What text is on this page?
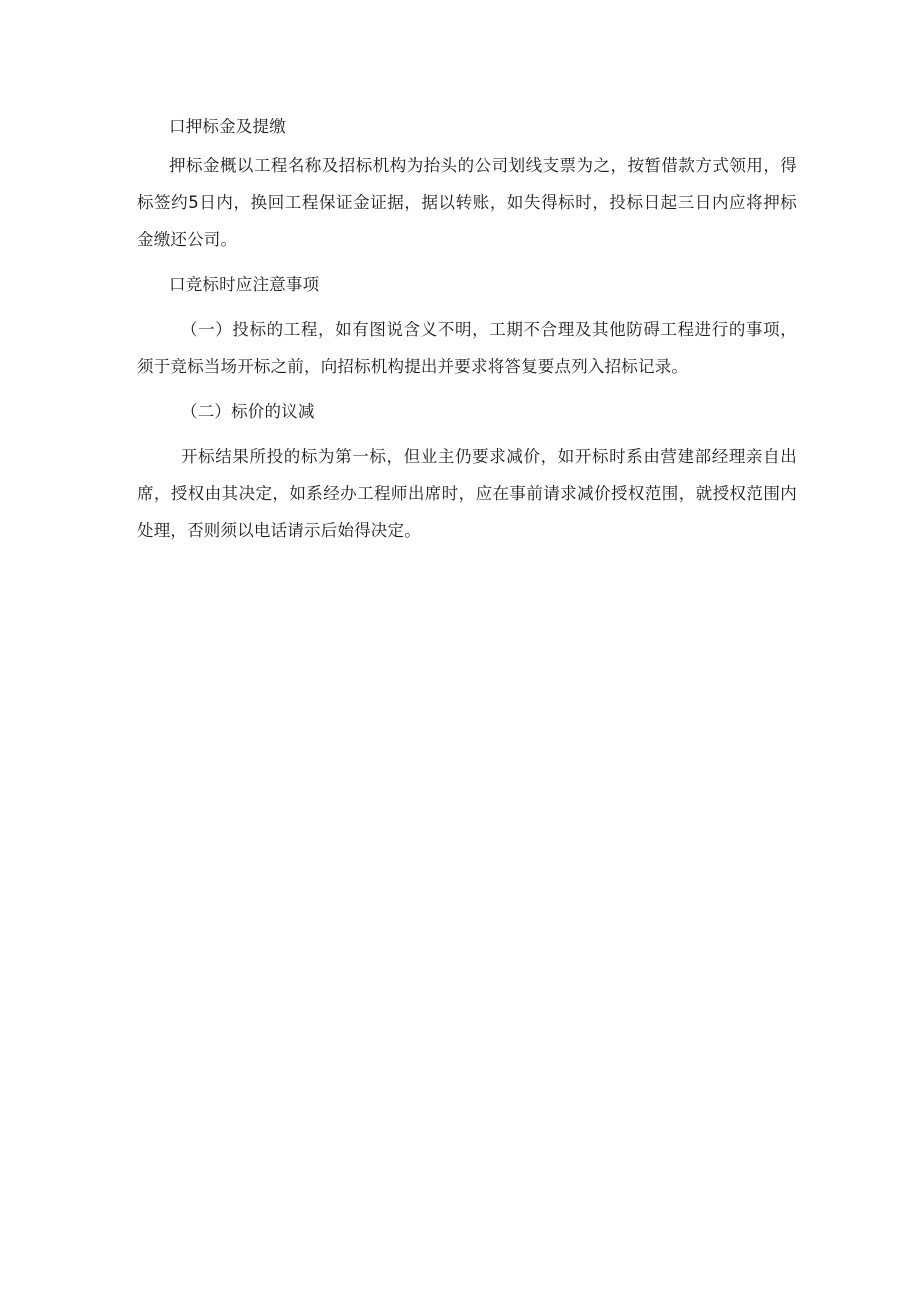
口押标金及提缴

押标金概以工程名称及招标机构为抬头的公司划线支票为之，按暂借款方式领用，得标签约5日内，换回工程保证金证据，据以转账，如失得标时，投标日起三日内应将押标金缴还公司。

口竞标时应注意事项

（一）投标的工程，如有图说含义不明，工期不合理及其他防碍工程进行的事项，须于竞标当场开标之前，向招标机构提出并要求将答复要点列入招标记录。

（二）标价的议减

开标结果所投的标为第一标，但业主仍要求减价，如开标时系由营建部经理亲自出席，授权由其决定，如系经办工程师出席时，应在事前请求减价授权范围，就授权范围内处理，否则须以电话请示后始得决定。
